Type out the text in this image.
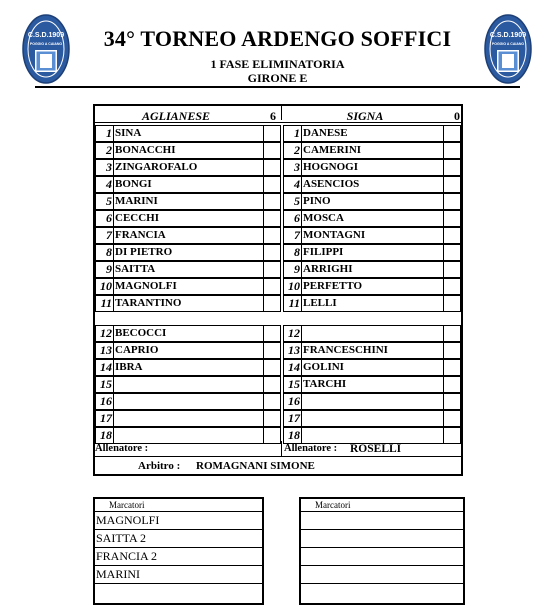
C.S.D.1909
POGGIO A CAIANO
C.S.D.1909
POGGIO A CAIANO
34° TORNEO ARDENGO SOFFICI
1 FASE ELIMINATORIA
GIRONE E
AGLIANESE	6	SIGNA	0
1 SINA
2 BONACCHI
3 ZINGAROFALO
4 BONGI
5 MARINI
6 CECCHI
7 FRANCIA
8 DI PIETRO
9 SAITTA
10 MAGNOLFI
11 TARANTINO
12 BECOCCI
13 CAPRIO
14 IBRA
15
16
17
18
1 DANESE
2 CAMERINI
3 HOGNOGI
4 ASENCIOS
5 PINO
6 MOSCA
7 MONTAGNI
8 FILIPPI
9 ARRIGHI
10 PERFETTO
11 LELLI
12
13 FRANCESCHINI
14 GOLINI
15 TARCHI
16
17
18
Allenatore :	Allenatore : ROSELLI
Arbitro : ROMAGNANI SIMONE
Marcatori
MAGNOLFI
SAITTA 2
FRANCIA 2
MARINI
Marcatori
